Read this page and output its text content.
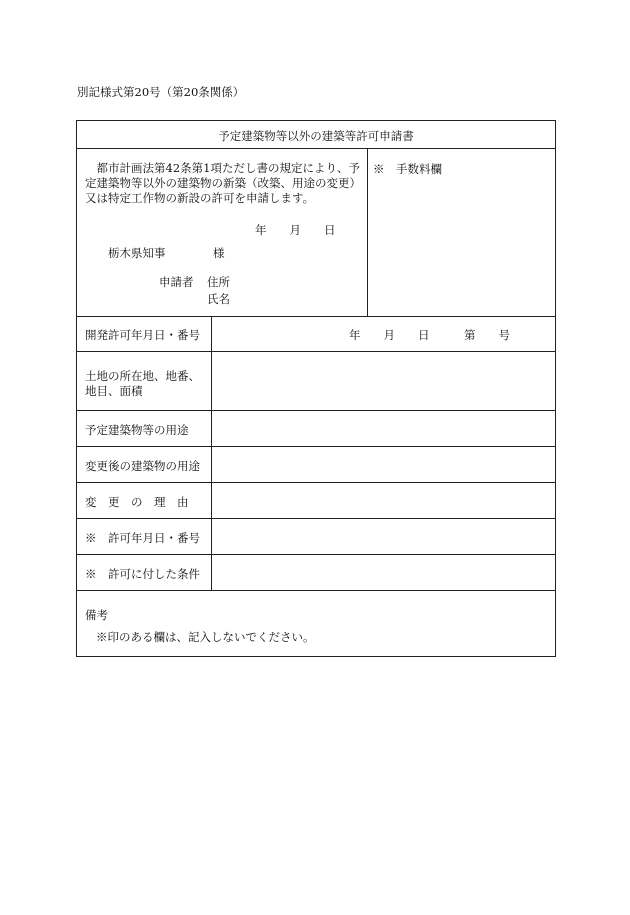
別記様式第20号（第20条関係）
予定建築物等以外の建築等許可申請書

　都市計画法第42条第1項ただし書の規定により、予

定建築物等以外の建築物の新築（改築、用途の変更）

又は特定工作物の新設の許可を申請します。

年　　月　　日
栃木県知事	様
申請者 住所
氏名
※　手数料欄
開発許可年月日・番号	年　　月　　日　　　第　　号
土地の所在地、地番、
地目、面積
予定建築物等の用途
変更後の建築物の用途
変　更　の　理　由
※　許可年月日・番号
※　許可に付した条件
備考
※印のある欄は、記入しないでください。
